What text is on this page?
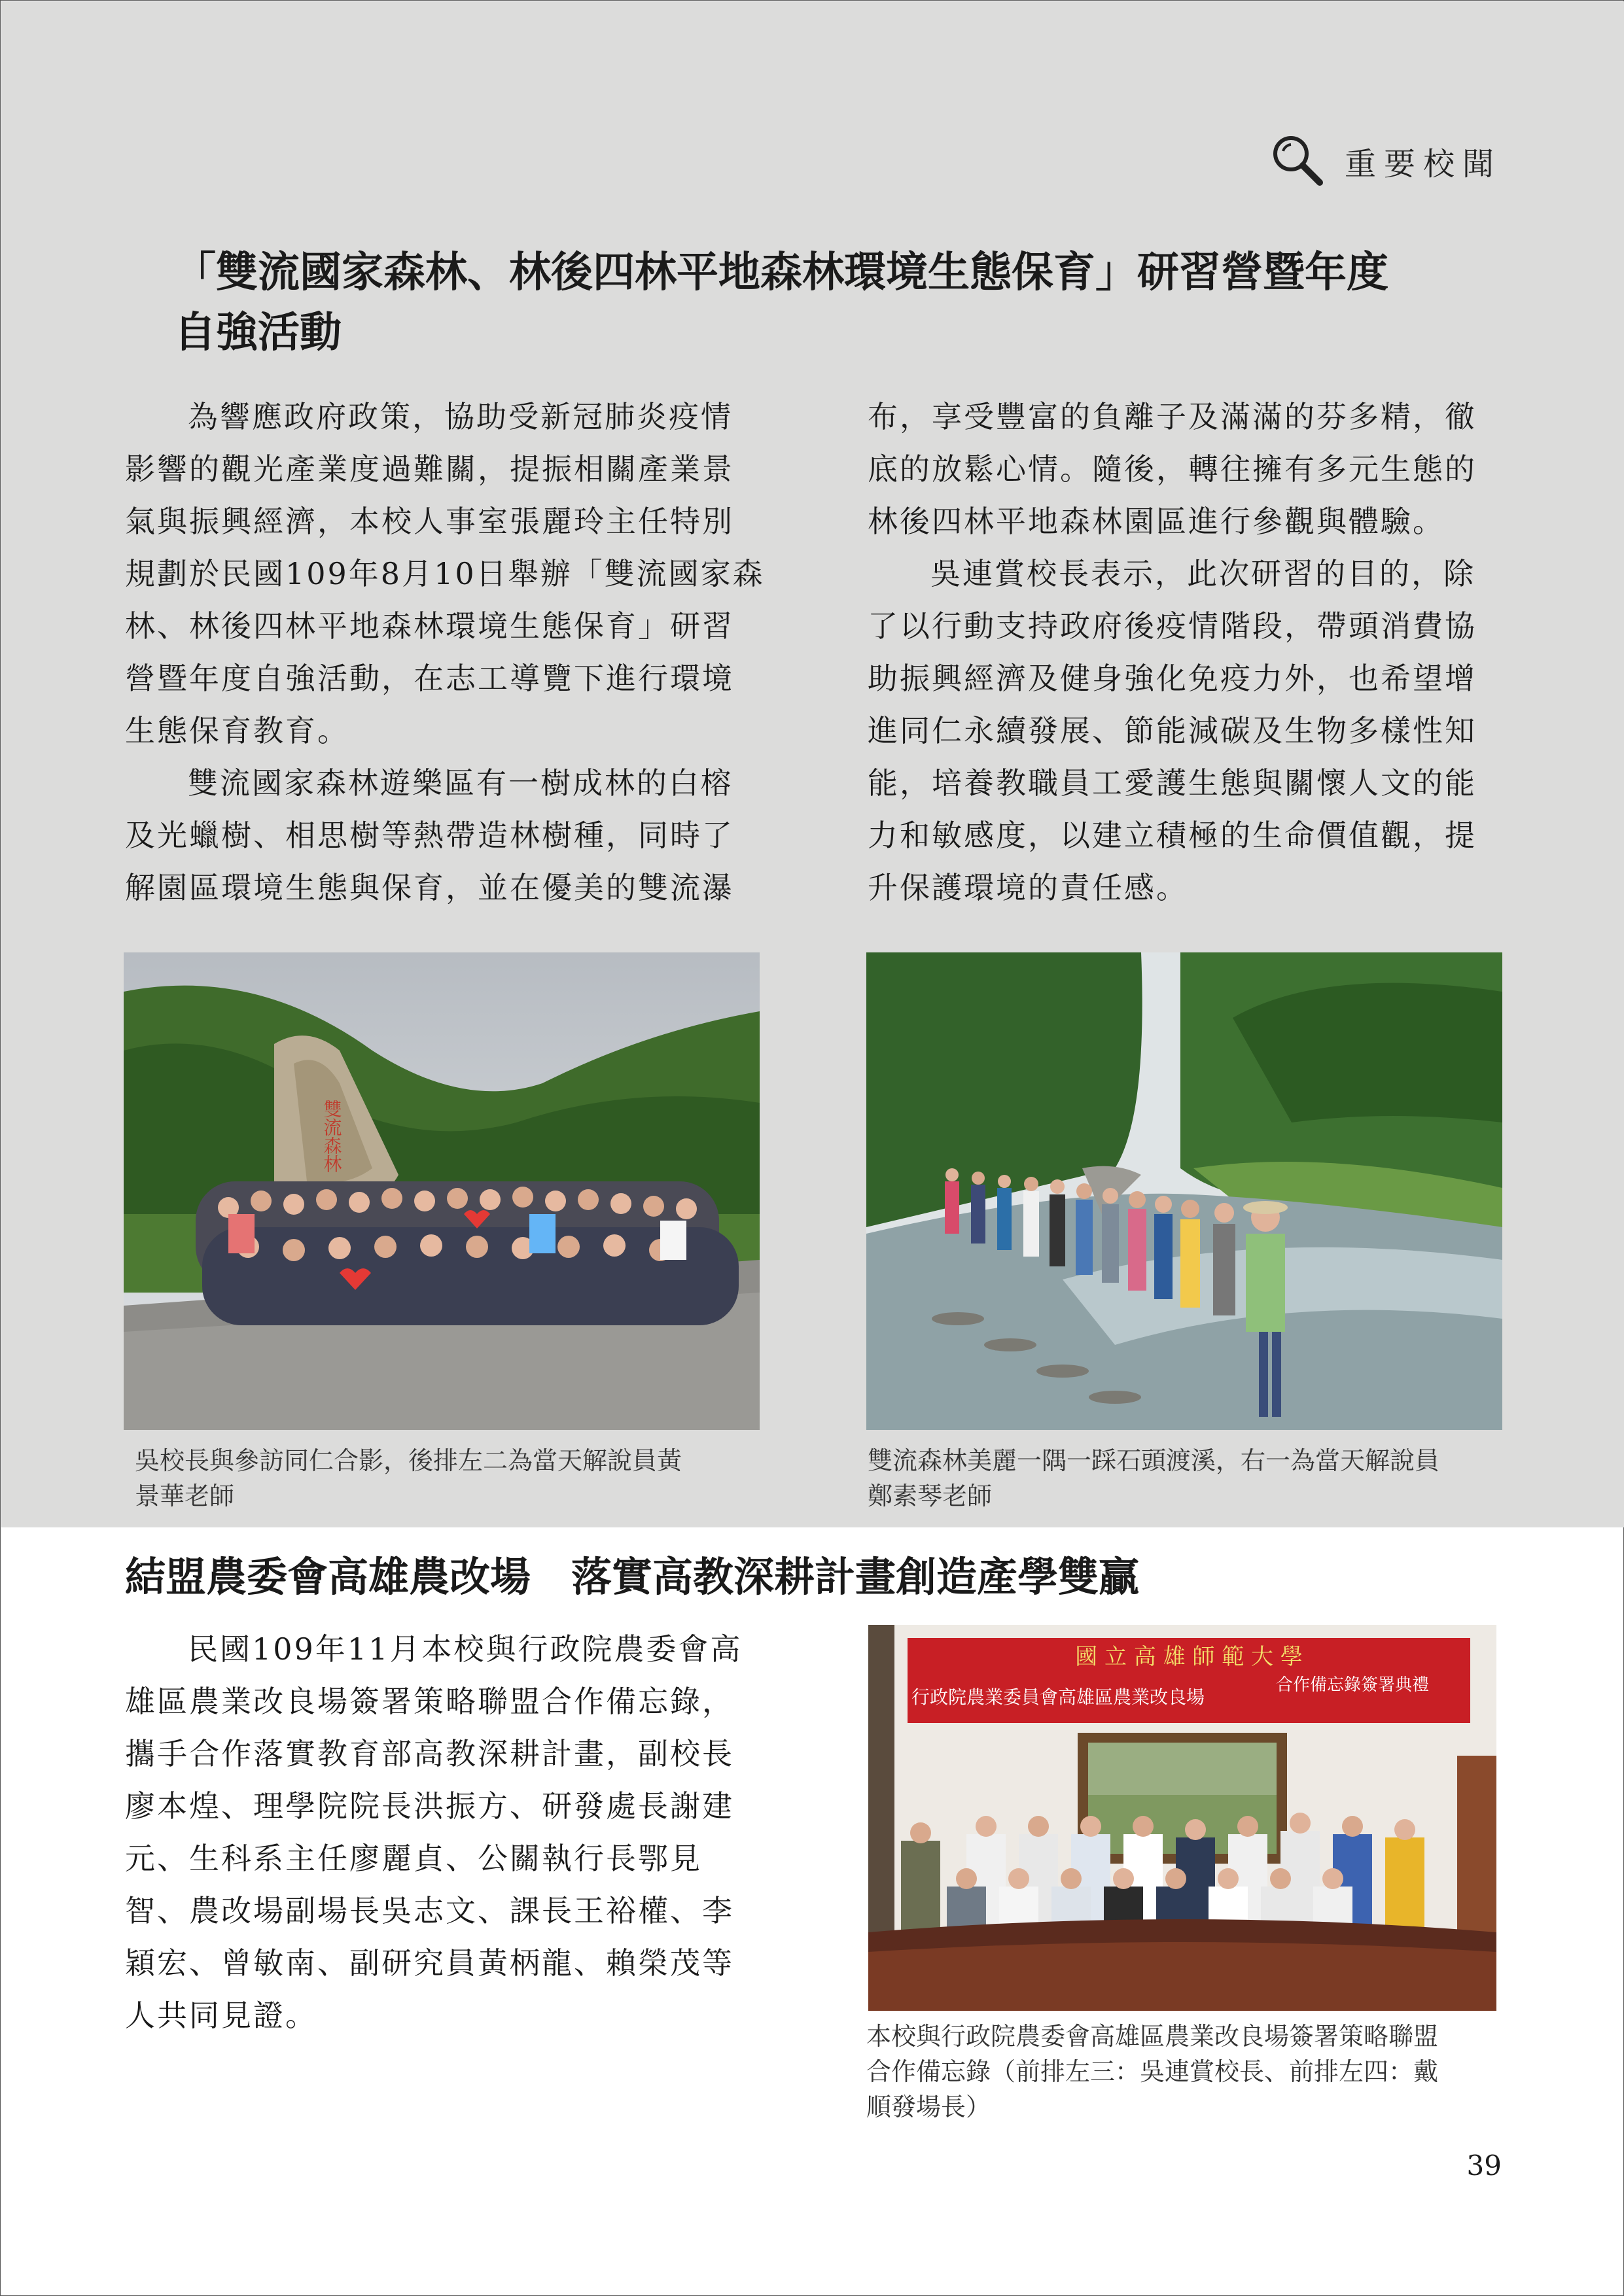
重要校聞
「雙流國家森林、林後四林平地森林環境生態保育」研習營暨年度
自強活動

為響應政府政策，協助受新冠肺炎疫情

影響的觀光產業度過難關，提振相關產業景

氣與振興經濟，本校人事室張麗玲主任特別

規劃於民國109年8月10日舉辦「雙流國家森

林、林後四林平地森林環境生態保育」研習

營暨年度自強活動，在志工導覽下進行環境

生態保育教育。

雙流國家森林遊樂區有一樹成林的白榕

及光蠟樹、相思樹等熱帶造林樹種，同時了

解園區環境生態與保育，並在優美的雙流瀑

布，享受豐富的負離子及滿滿的芬多精，徹

底的放鬆心情。隨後，轉往擁有多元生態的

林後四林平地森林園區進行參觀與體驗。

吳連賞校長表示，此次研習的目的，除

了以行動支持政府後疫情階段，帶頭消費協

助振興經濟及健身強化免疫力外，也希望增

進同仁永續發展、節能減碳及生物多樣性知

能，培養教職員工愛護生態與關懷人文的能

力和敏感度，以建立積極的生命價值觀，提

升保護環境的責任感。

雙流森林
吳校長與參訪同仁合影，後排左二為當天解說員黃
景華老師
雙流森林美麗一隅一踩石頭渡溪，右一為當天解說員
鄭素琴老師
結盟農委會高雄農改場　落實高教深耕計畫創造產學雙贏

民國109年11月本校與行政院農委會高

雄區農業改良場簽署策略聯盟合作備忘錄，

攜手合作落實教育部高教深耕計畫，副校長

廖本煌、理學院院長洪振方、研發處長謝建

元、生科系主任廖麗貞、公關執行長鄂見

智、農改場副場長吳志文、課長王裕權、李

穎宏、曾敏南、副研究員黃柄龍、賴榮茂等

人共同見證。

國 立 高 雄 師 範 大 學
行政院農業委員會高雄區農業改良場
合作備忘錄簽署典禮
本校與行政院農委會高雄區農業改良場簽署策略聯盟
合作備忘錄（前排左三：吳連賞校長、前排左四：戴
順發場長）
39
